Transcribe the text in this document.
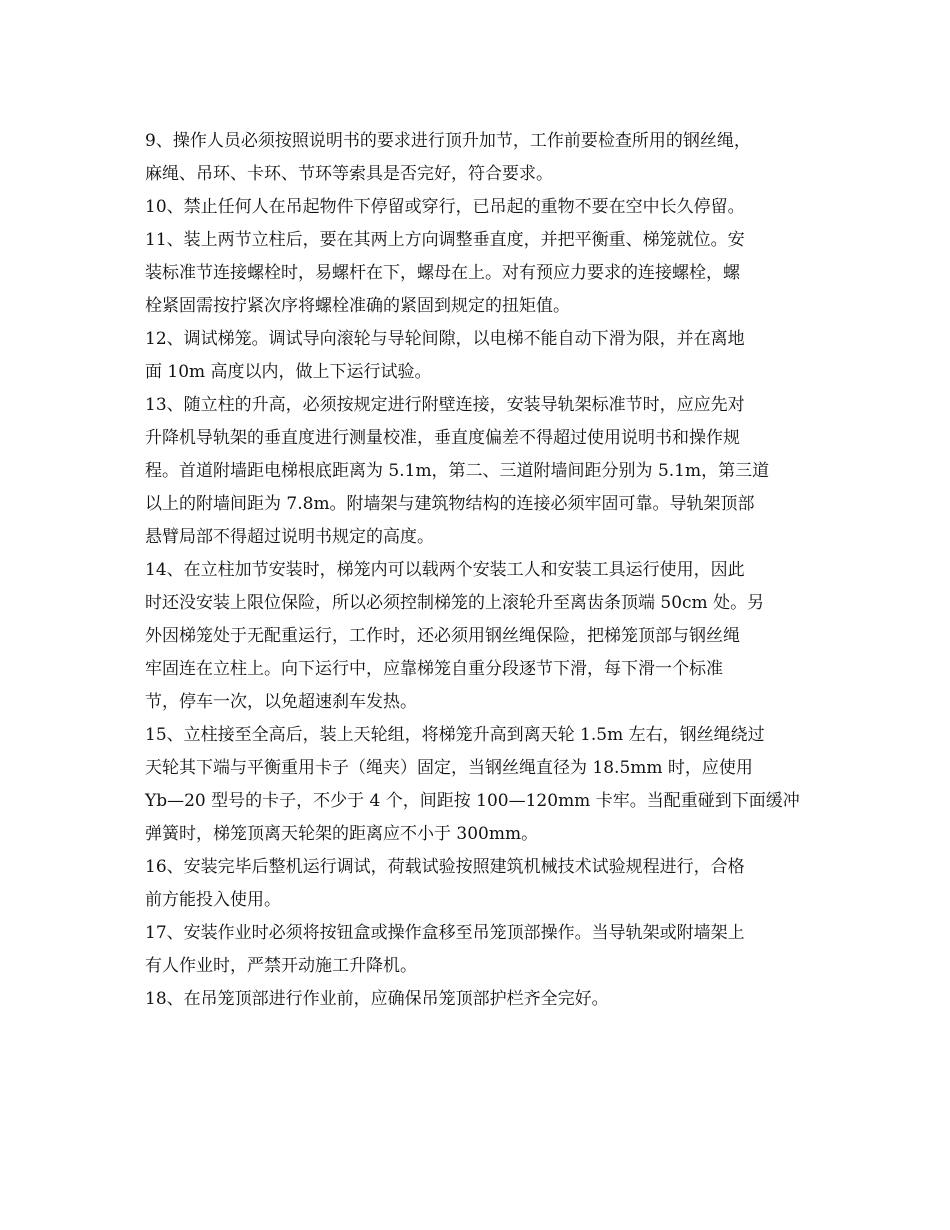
9、操作人员必须按照说明书的要求进行顶升加节，工作前要检查所用的钢丝绳，
麻绳、吊环、卡环、节环等索具是否完好，符合要求。
10、禁止任何人在吊起物件下停留或穿行，已吊起的重物不要在空中长久停留。
11、装上两节立柱后，要在其两上方向调整垂直度，并把平衡重、梯笼就位。安
装标准节连接螺栓时，易螺杆在下，螺母在上。对有预应力要求的连接螺栓，螺
栓紧固需按拧紧次序将螺栓准确的紧固到规定的扭矩值。
12、调试梯笼。调试导向滚轮与导轮间隙，以电梯不能自动下滑为限，并在离地
面 10m 高度以内，做上下运行试验。
13、随立柱的升高，必须按规定进行附壁连接，安装导轨架标准节时，应应先对
升降机导轨架的垂直度进行测量校准，垂直度偏差不得超过使用说明书和操作规
程。首道附墙距电梯根底距离为 5.1m，第二、三道附墙间距分别为 5.1m，第三道
以上的附墙间距为 7.8m。附墙架与建筑物结构的连接必须牢固可靠。导轨架顶部
悬臂局部不得超过说明书规定的高度。
14、在立柱加节安装时，梯笼内可以载两个安装工人和安装工具运行使用，因此
时还没安装上限位保险，所以必须控制梯笼的上滚轮升至离齿条顶端 50cm 处。另
外因梯笼处于无配重运行，工作时，还必须用钢丝绳保险，把梯笼顶部与钢丝绳
牢固连在立柱上。向下运行中，应靠梯笼自重分段逐节下滑，每下滑一个标准
节，停车一次，以免超速刹车发热。
15、立柱接至全高后，装上天轮组，将梯笼升高到离天轮 1.5m 左右，钢丝绳绕过
天轮其下端与平衡重用卡子（绳夹）固定，当钢丝绳直径为 18.5mm 时，应使用
Yb—20 型号的卡子，不少于 4 个，间距按 100—120mm 卡牢。当配重碰到下面缓冲
弹簧时，梯笼顶离天轮架的距离应不小于 300mm。
16、安装完毕后整机运行调试，荷载试验按照建筑机械技术试验规程进行，合格
前方能投入使用。
17、安装作业时必须将按钮盒或操作盒移至吊笼顶部操作。当导轨架或附墙架上
有人作业时，严禁开动施工升降机。
18、在吊笼顶部进行作业前，应确保吊笼顶部护栏齐全完好。
